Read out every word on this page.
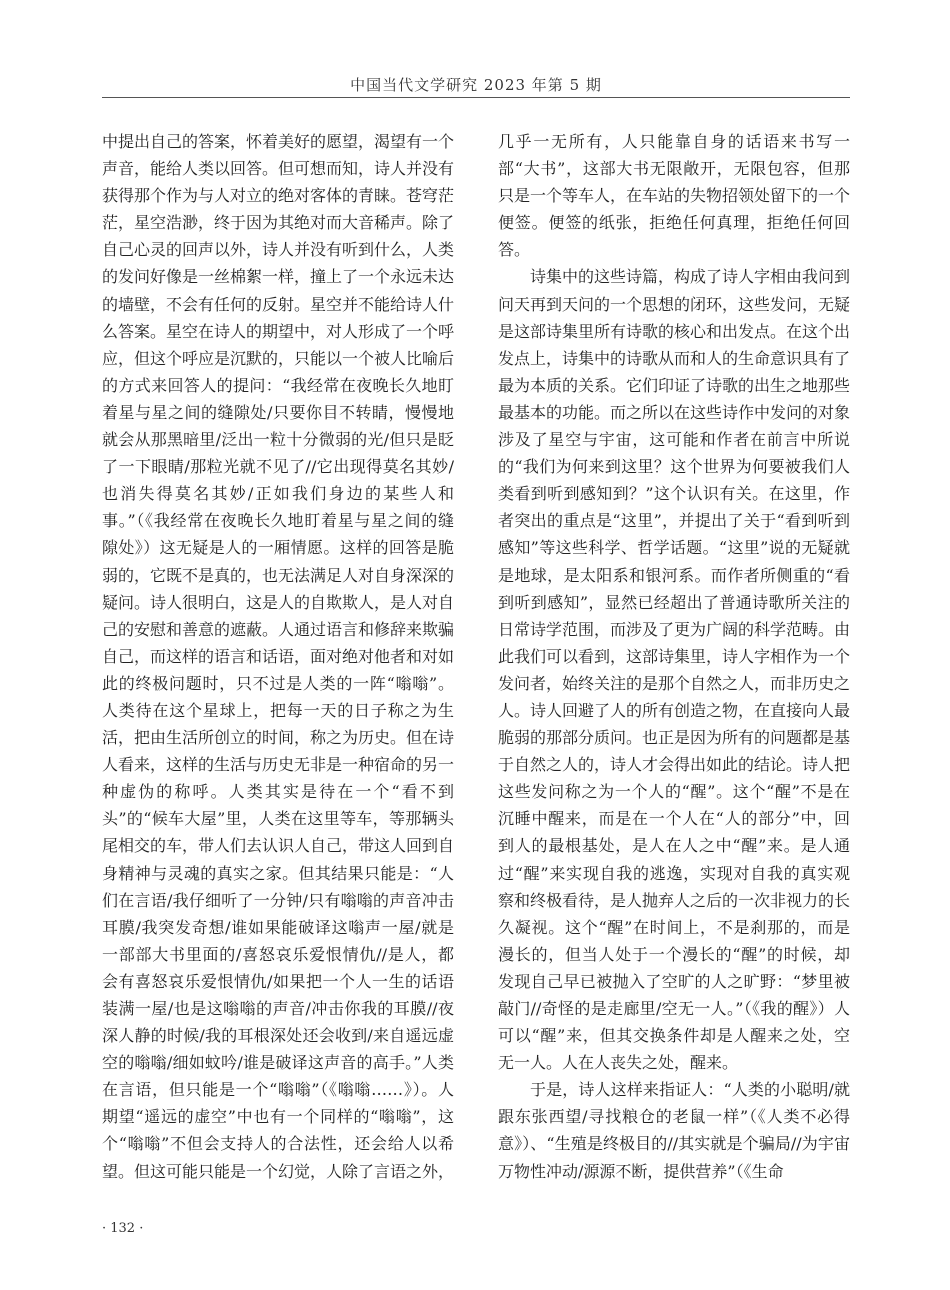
中国当代文学研究 2023 年第 5 期

中提出自己的答案，怀着美好的愿望，渴望有一个声音，能给人类以回答。但可想而知，诗人并没有获得那个作为与人对立的绝对客体的青睐。苍穹茫茫，星空浩渺，终于因为其绝对而大音稀声。除了自己心灵的回声以外，诗人并没有听到什么，人类的发问好像是一丝棉絮一样，撞上了一个永远未达的墙壁，不会有任何的反射。星空并不能给诗人什么答案。星空在诗人的期望中，对人形成了一个呼应，但这个呼应是沉默的，只能以一个被人比喻后的方式来回答人的提问：“我经常在夜晚长久地盯着星与星之间的缝隙处/只要你目不转睛，慢慢地就会从那黑暗里/泛出一粒十分微弱的光/但只是眨了一下眼睛/那粒光就不见了//它出现得莫名其妙/也消失得莫名其妙/正如我们身边的某些人和事。”（《我经常在夜晚长久地盯着星与星之间的缝隙处》）这无疑是人的一厢情愿。这样的回答是脆弱的，它既不是真的，也无法满足人对自身深深的疑问。诗人很明白，这是人的自欺欺人，是人对自己的安慰和善意的遮蔽。人通过语言和修辞来欺骗自己，而这样的语言和话语，面对绝对他者和对如此的终极问题时，只不过是人类的一阵“嗡嗡”。人类待在这个星球上，把每一天的日子称之为生活，把由生活所创立的时间，称之为历史。但在诗人看来，这样的生活与历史无非是一种宿命的另一种虚伪的称呼。人类其实是待在一个“看不到头”的“候车大屋”里，人类在这里等车，等那辆头尾相交的车，带人们去认识人自己，带这人回到自身精神与灵魂的真实之家。但其结果只能是：“人们在言语/我仔细听了一分钟/只有嗡嗡的声音冲击耳膜/我突发奇想/谁如果能破译这嗡声一屋/就是一部部大书里面的/喜怒哀乐爱恨情仇//是人，都会有喜怒哀乐爱恨情仇/如果把一个人一生的话语装满一屋/也是这嗡嗡的声音/冲击你我的耳膜//夜深人静的时候/我的耳根深处还会收到/来自遥远虚空的嗡嗡/细如蚊吟/谁是破译这声音的高手。”人类在言语，但只能是一个“嗡嗡”（《嗡嗡……》）。人期望“遥远的虚空”中也有一个同样的“嗡嗡”，这个“嗡嗡”不但会支持人的合法性，还会给人以希望。但这可能只能是一个幻觉，人除了言语之外，

几乎一无所有，人只能靠自身的话语来书写一部“大书”，这部大书无限敞开，无限包容，但那只是一个等车人，在车站的失物招领处留下的一个便签。便签的纸张，拒绝任何真理，拒绝任何回答。

诗集中的这些诗篇，构成了诗人字相由我问到问天再到天问的一个思想的闭环，这些发问，无疑是这部诗集里所有诗歌的核心和出发点。在这个出发点上，诗集中的诗歌从而和人的生命意识具有了最为本质的关系。它们印证了诗歌的出生之地那些最基本的功能。而之所以在这些诗作中发问的对象涉及了星空与宇宙，这可能和作者在前言中所说的“我们为何来到这里？这个世界为何要被我们人类看到听到感知到？”这个认识有关。在这里，作者突出的重点是“这里”，并提出了关于“看到听到感知”等这些科学、哲学话题。“这里”说的无疑就是地球，是太阳系和银河系。而作者所侧重的“看到听到感知”，显然已经超出了普通诗歌所关注的日常诗学范围，而涉及了更为广阔的科学范畴。由此我们可以看到，这部诗集里，诗人字相作为一个发问者，始终关注的是那个自然之人，而非历史之人。诗人回避了人的所有创造之物，在直接向人最脆弱的那部分质问。也正是因为所有的问题都是基于自然之人的，诗人才会得出如此的结论。诗人把这些发问称之为一个人的“醒”。这个“醒”不是在沉睡中醒来，而是在一个人在“人的部分”中，回到人的最根基处，是人在人之中“醒”来。是人通过“醒”来实现自我的逃逸，实现对自我的真实观察和终极看待，是人抛弃人之后的一次非视力的长久凝视。这个“醒”在时间上，不是刹那的，而是漫长的，但当人处于一个漫长的“醒”的时候，却发现自己早已被抛入了空旷的人之旷野：“梦里被敲门//奇怪的是走廊里/空无一人。”（《我的醒》）人可以“醒”来，但其交换条件却是人醒来之处，空无一人。人在人丧失之处，醒来。

于是，诗人这样来指证人：“人类的小聪明/就跟东张西望/寻找粮仓的老鼠一样”（《人类不必得意》）、“生殖是终极目的//其实就是个骗局//为宇宙万物性冲动/源源不断，提供营养”（《生命

· 132 ·
